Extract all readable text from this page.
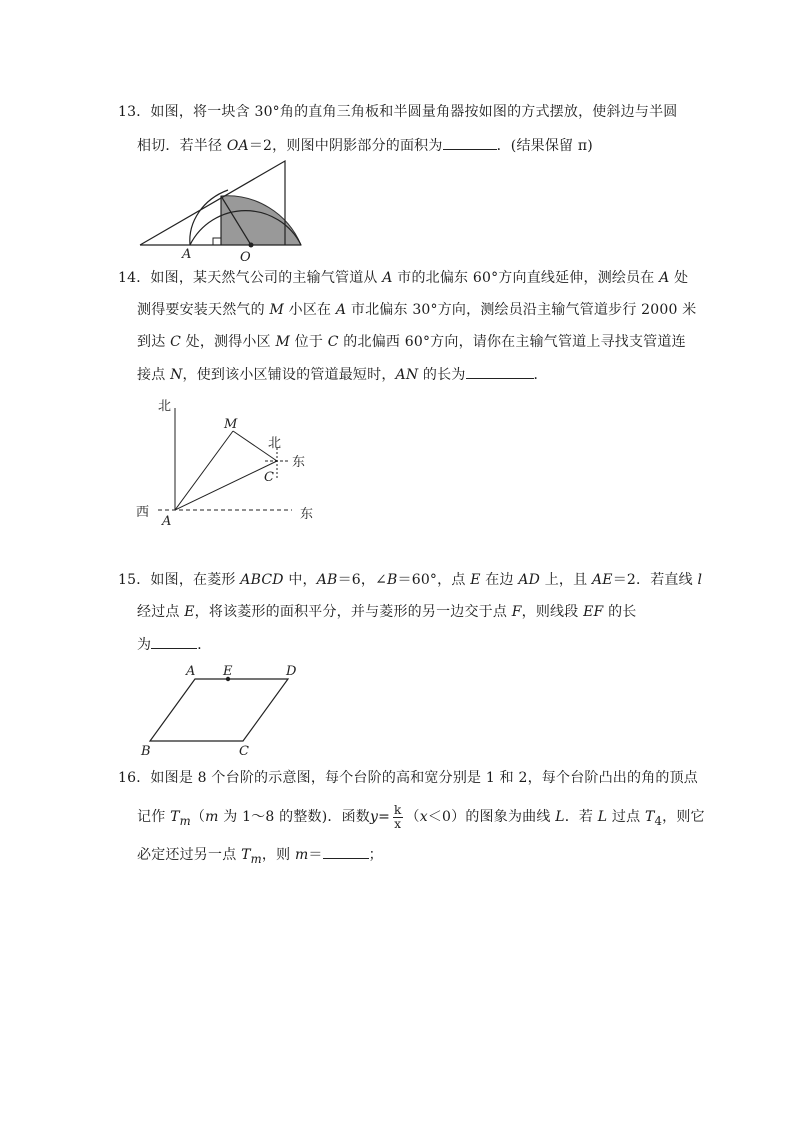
13．如图，将一块含 30°角的直角三角板和半圆量角器按如图的方式摆放，使斜边与半圆
相切．若半径 OA＝2，则图中阴影部分的面积为	．(结果保留 π)
A	O
14．如图，某天然气公司的主输气管道从 A 市的北偏东 60°方向直线延伸，测绘员在 A 处
测得要安装天然气的 M 小区在 A 市北偏东 30°方向，测绘员沿主输气管道步行 2000 米
到达 C 处，测得小区 M 位于 C 的北偏西 60°方向，请你在主输气管道上寻找支管道连
接点 N，使到该小区铺设的管道最短时，AN 的长为	．
北
西	东
北
东
M
C
A
15．如图，在菱形 ABCD 中，AB＝6，∠B＝60°，点 E 在边 AD 上，且 AE＝2．若直线 l
经过点 E，将该菱形的面积平分，并与菱形的另一边交于点 F，则线段 EF 的长
为	．
A E	D
B	C
16．如图是 8 个台阶的示意图，每个台阶的高和宽分别是 1 和 2，每个台阶凸出的角的顶点
记作 $T_m(m$ 为 1～8 的整数)．函数$y= \frac{k}{x} (x<0)$的图象为曲线 L．若 L 过点 $T_4$，则它
必定还过另一点 $T_m$，则 m＝	；
